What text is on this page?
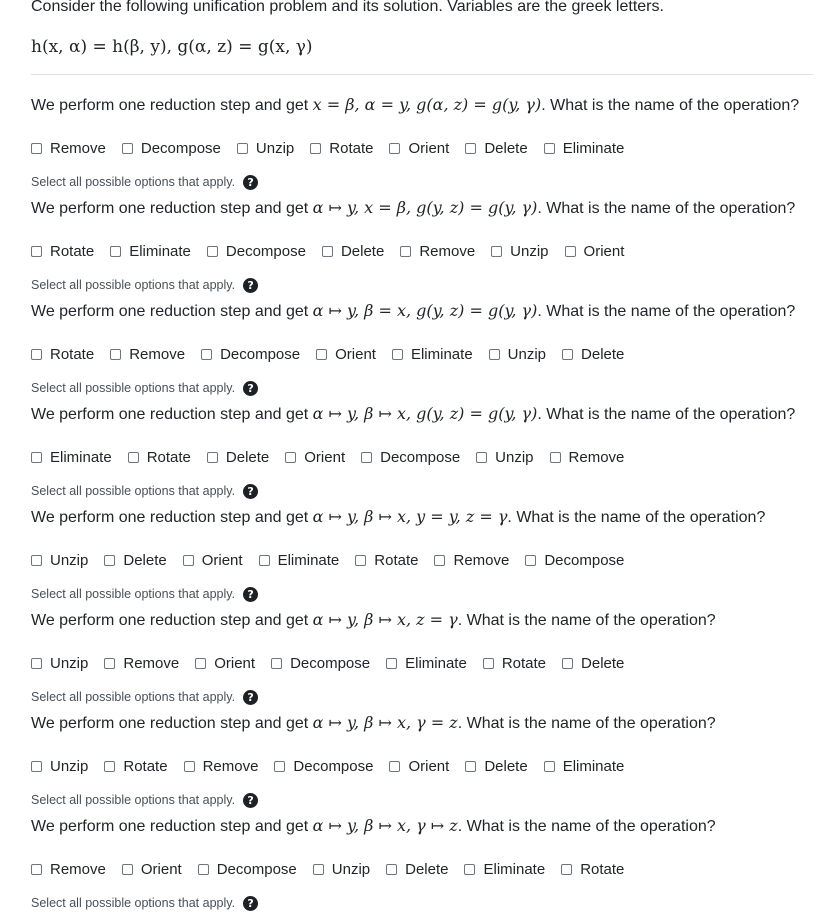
Consider the following unification problem and its solution. Variables are the greek letters.
h(x, α) = h(β, y), g(α, z) = g(x, γ)
We perform one reduction step and get x = β, α = y, g(α, z) = g(y, γ). What is the name of the operation?
Remove Decompose Unzip Rotate Orient Delete Eliminate
Select all possible options that apply.	?
We perform one reduction step and get α ↦ y, x = β, g(y, z) = g(y, γ). What is the name of the operation?
Rotate Eliminate Decompose Delete Remove Unzip Orient
Select all possible options that apply.	?
We perform one reduction step and get α ↦ y, β = x, g(y, z) = g(y, γ). What is the name of the operation?
Rotate Remove Decompose Orient Eliminate Unzip Delete
Select all possible options that apply.	?
We perform one reduction step and get α ↦ y, β ↦ x, g(y, z) = g(y, γ). What is the name of the operation?
Eliminate Rotate Delete Orient Decompose Unzip Remove
Select all possible options that apply.	?
We perform one reduction step and get α ↦ y, β ↦ x, y = y, z = γ. What is the name of the operation?
Unzip Delete Orient Eliminate Rotate Remove Decompose
Select all possible options that apply.	?
We perform one reduction step and get α ↦ y, β ↦ x, z = γ. What is the name of the operation?
Unzip Remove Orient Decompose Eliminate Rotate Delete
Select all possible options that apply.	?
We perform one reduction step and get α ↦ y, β ↦ x, γ = z. What is the name of the operation?
Unzip Rotate Remove Decompose Orient Delete Eliminate
Select all possible options that apply.	?
We perform one reduction step and get α ↦ y, β ↦ x, γ ↦ z. What is the name of the operation?
Remove Orient Decompose Unzip Delete Eliminate Rotate
Select all possible options that apply.	?
